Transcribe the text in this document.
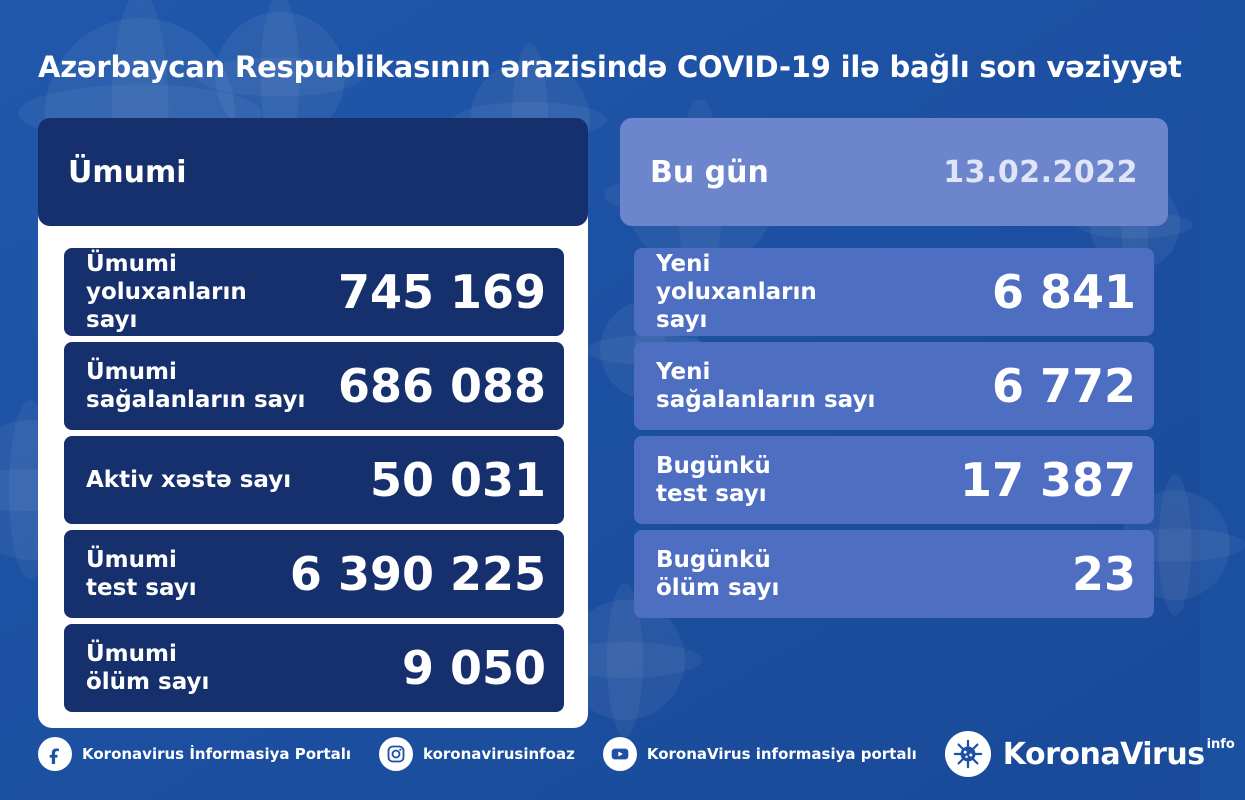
Azərbaycan Respublikasının ərazisində COVID-19 ilə bağlı son vəziyyət
Ümumi	Bu gün	13.02.2022
Ümumi
yoluxanların sayı
745 169
Ümumi
sağalanların sayı 686 088
Aktiv xəstə sayı 50 031
Ümumi
test sayı 6 390 225
Ümumi
ölüm sayı	9 050
Yeni
yoluxanların sayı
6 841
Yeni
sağalanların sayı	6 772
Bugünkü
test sayı	17 387
Bugünkü
ölüm sayı	23
Koronavirus İnformasiya Portalı	koronavirusinfoaz	KoronaVirus informasiya portalı	KoronaVirus info
